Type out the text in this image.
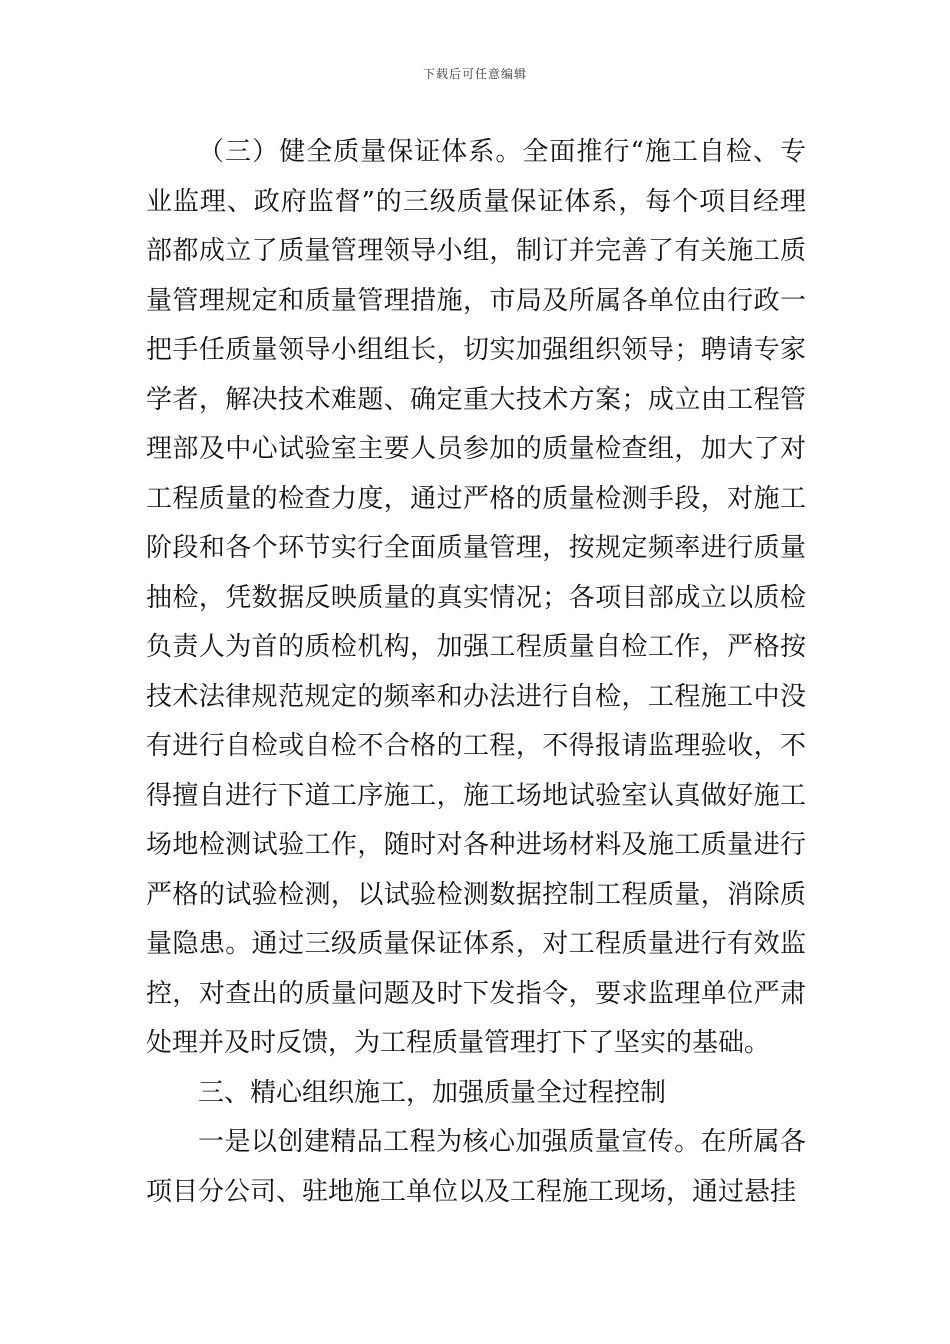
下载后可任意编辑

（三）健全质量保证体系。全面推行“施工自检、专业监理、政府监督”的三级质量保证体系，每个项目经理部都成立了质量管理领导小组，制订并完善了有关施工质量管理规定和质量管理措施，市局及所属各单位由行政一把手任质量领导小组组长，切实加强组织领导；聘请专家学者，解决技术难题、确定重大技术方案；成立由工程管理部及中心试验室主要人员参加的质量检查组，加大了对工程质量的检查力度，通过严格的质量检测手段，对施工阶段和各个环节实行全面质量管理，按规定频率进行质量抽检，凭数据反映质量的真实情况；各项目部成立以质检负责人为首的质检机构，加强工程质量自检工作，严格按技术法律规范规定的频率和办法进行自检，工程施工中没有进行自检或自检不合格的工程，不得报请监理验收，不得擅自进行下道工序施工，施工场地试验室认真做好施工场地检测试验工作，随时对各种进场材料及施工质量进行严格的试验检测，以试验检测数据控制工程质量，消除质量隐患。通过三级质量保证体系，对工程质量进行有效监控，对查出的质量问题及时下发指令，要求监理单位严肃处理并及时反馈，为工程质量管理打下了坚实的基础。

三、精心组织施工，加强质量全过程控制

一是以创建精品工程为核心加强质量宣传。在所属各项目分公司、驻地施工单位以及工程施工现场，通过悬挂
